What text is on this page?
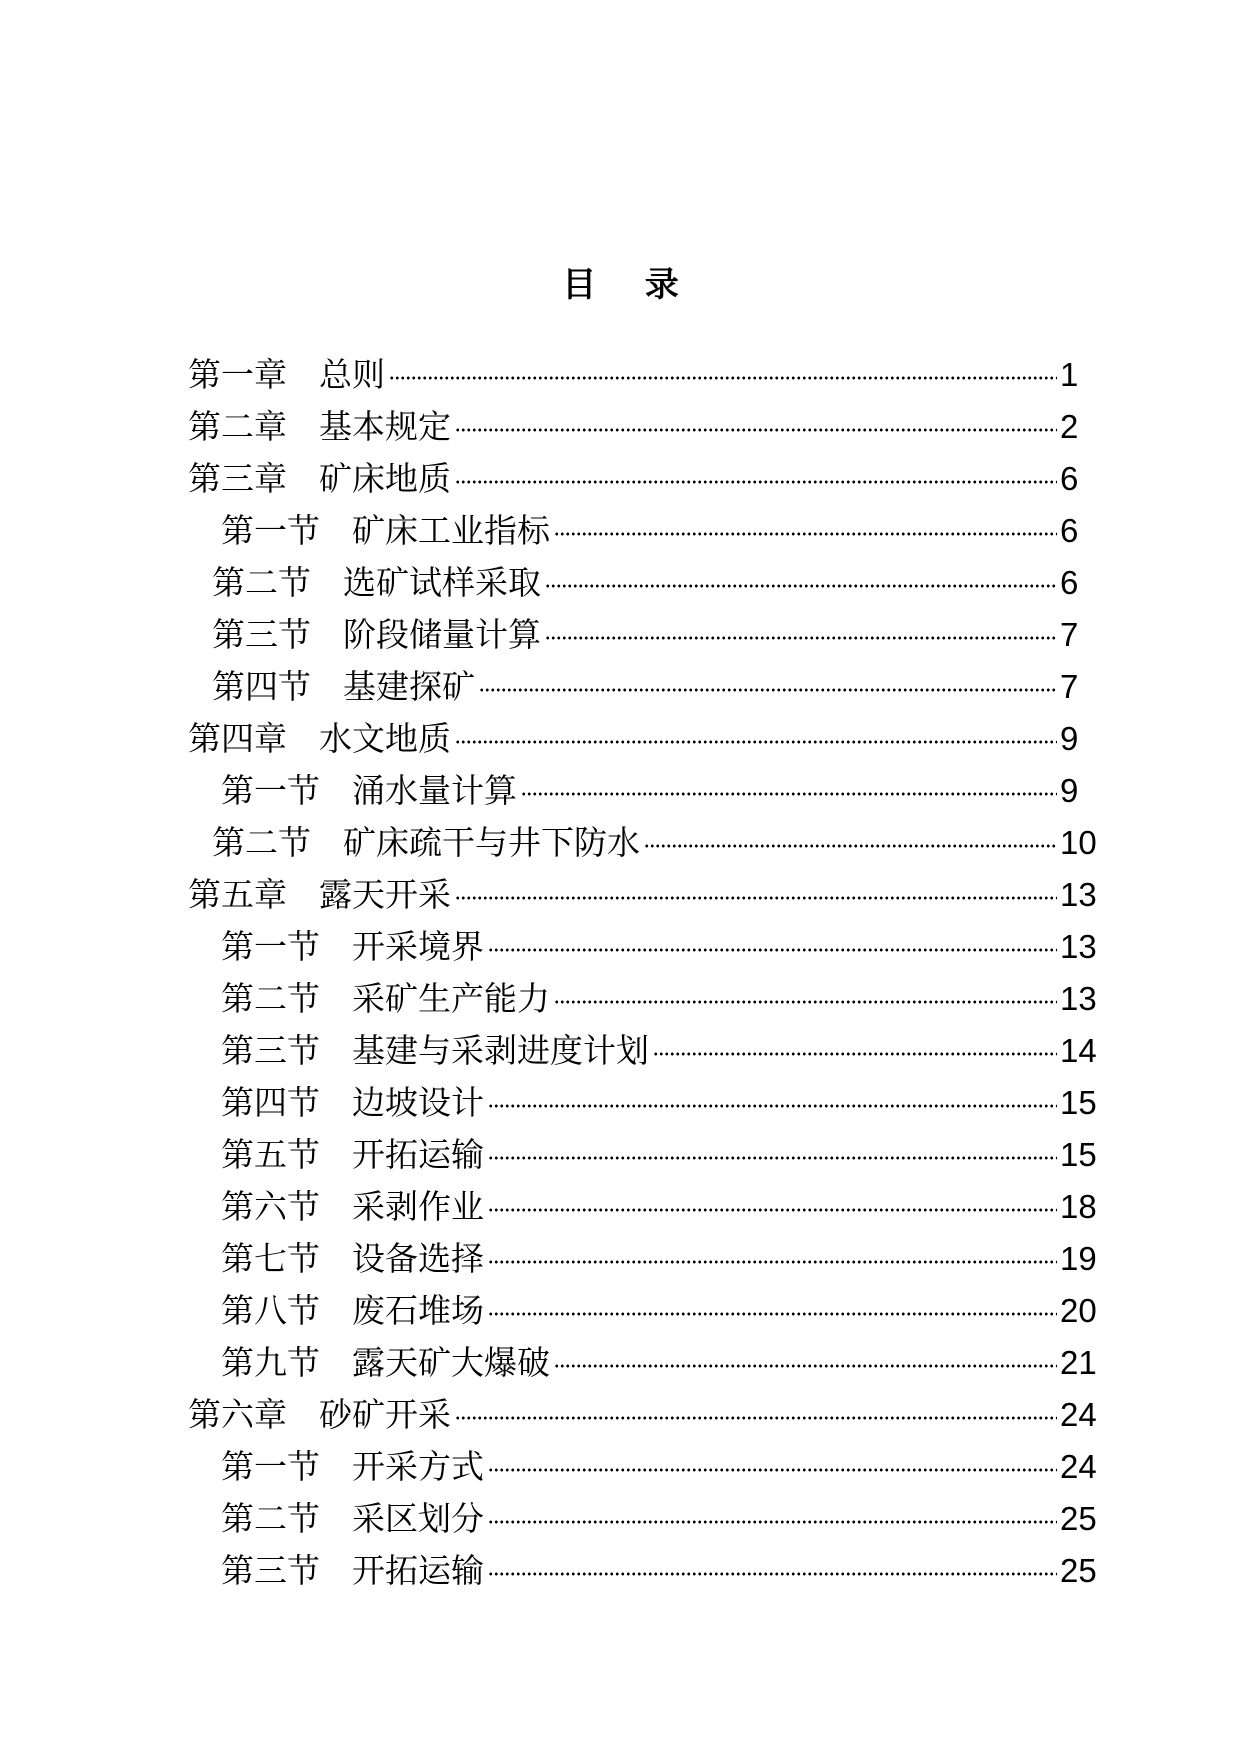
目 录
第一章 总则	1
第二章 基本规定	2
第三章 矿床地质	6
第一节 矿床工业指标	6
第二节 选矿试样采取	6
第三节 阶段储量计算	7
第四节 基建探矿	7
第四章 水文地质	9
第一节 涌水量计算	9
第二节 矿床疏干与井下防水	10
第五章 露天开采	13
第一节 开采境界	13
第二节 采矿生产能力	13
第三节 基建与采剥进度计划	14
第四节 边坡设计	15
第五节 开拓运输	15
第六节 采剥作业	18
第七节 设备选择	19
第八节 废石堆场	20
第九节 露天矿大爆破	21
第六章 砂矿开采	24
第一节 开采方式	24
第二节 采区划分	25
第三节 开拓运输	25
